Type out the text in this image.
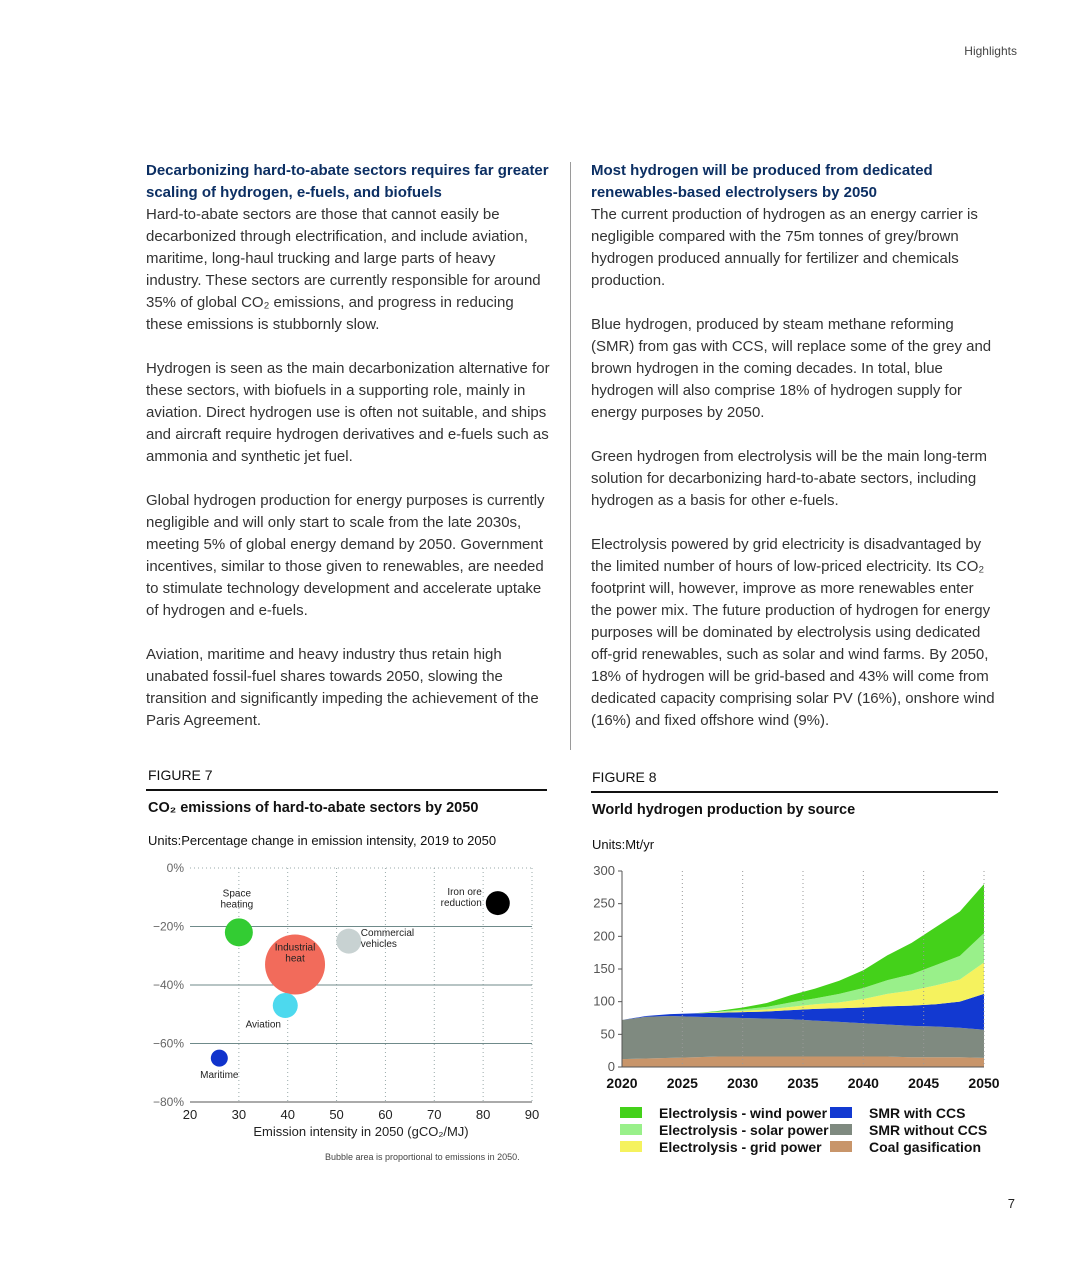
Highlights
Decarbonizing hard-to-abate sectors requires far greater scaling of hydrogen, e-fuels, and biofuels

Hard-to-abate sectors are those that cannot easily be decarbonized through electrification, and include aviation, maritime, long-haul trucking and large parts of heavy industry. These sectors are currently responsible for around 35% of global CO₂ emissions, and progress in reducing these emissions is stubbornly slow.

Hydrogen is seen as the main decarbonization alternative for these sectors, with biofuels in a supporting role, mainly in aviation. Direct hydrogen use is often not suitable, and ships and aircraft require hydrogen derivatives and e-fuels such as ammonia and synthetic jet fuel.

Global hydrogen production for energy purposes is currently negligible and will only start to scale from the late 2030s, meeting 5% of global energy demand by 2050. Government incentives, similar to those given to renewables, are needed to stimulate technology development and accelerate uptake of hydrogen and e-fuels.

Aviation, maritime and heavy industry thus retain high unabated fossil-fuel shares towards 2050, slowing the transition and significantly impeding the achievement of the Paris Agreement.

Most hydrogen will be produced from dedicated renewables-based electrolysers by 2050

The current production of hydrogen as an energy carrier is negligible compared with the 75m tonnes of grey/brown hydrogen produced annually for fertilizer and chemicals production.

Blue hydrogen, produced by steam methane reforming (SMR) from gas with CCS, will replace some of the grey and brown hydrogen in the coming decades. In total, blue hydrogen will also comprise 18% of hydrogen supply for energy purposes by 2050.

Green hydrogen from electrolysis will be the main long-term solution for decarbonizing hard-to-abate sectors, including hydrogen as a basis for other e-fuels.

Electrolysis powered by grid electricity is disadvantaged by the limited number of hours of low-priced electricity. Its CO₂ footprint will, however, improve as more renewables enter the power mix. The future production of hydrogen for energy purposes will be dominated by electrolysis using dedicated off-grid renewables, such as solar and wind farms. By 2050, 18% of hydrogen will be grid-based and 43% will come from dedicated capacity comprising solar PV (16%), onshore wind (16%) and fixed offshore wind (9%).

FIGURE 7
CO₂ emissions of hard-to-abate sectors by 2050
Units:Percentage change in emission intensity, 2019 to 2050
0%
−20%
−40%
−60%
−80%
20	30	40	50	60	70	80	90
Emission intensity in 2050 (gCO₂/MJ)
Space heating
Industrial heat
Commercial vehicles
Iron ore reduction
Aviation
Maritime
Bubble area is proportional to emissions in 2050.
FIGURE 8
World hydrogen production by source
Units:Mt/yr
0
50
100
150
200
250
300
2020 2025 2030 2035 2040 2045 2050
Electrolysis - wind power	SMR with CCS
Electrolysis - solar power	SMR without CCS
Electrolysis - grid power	Coal gasification
7
